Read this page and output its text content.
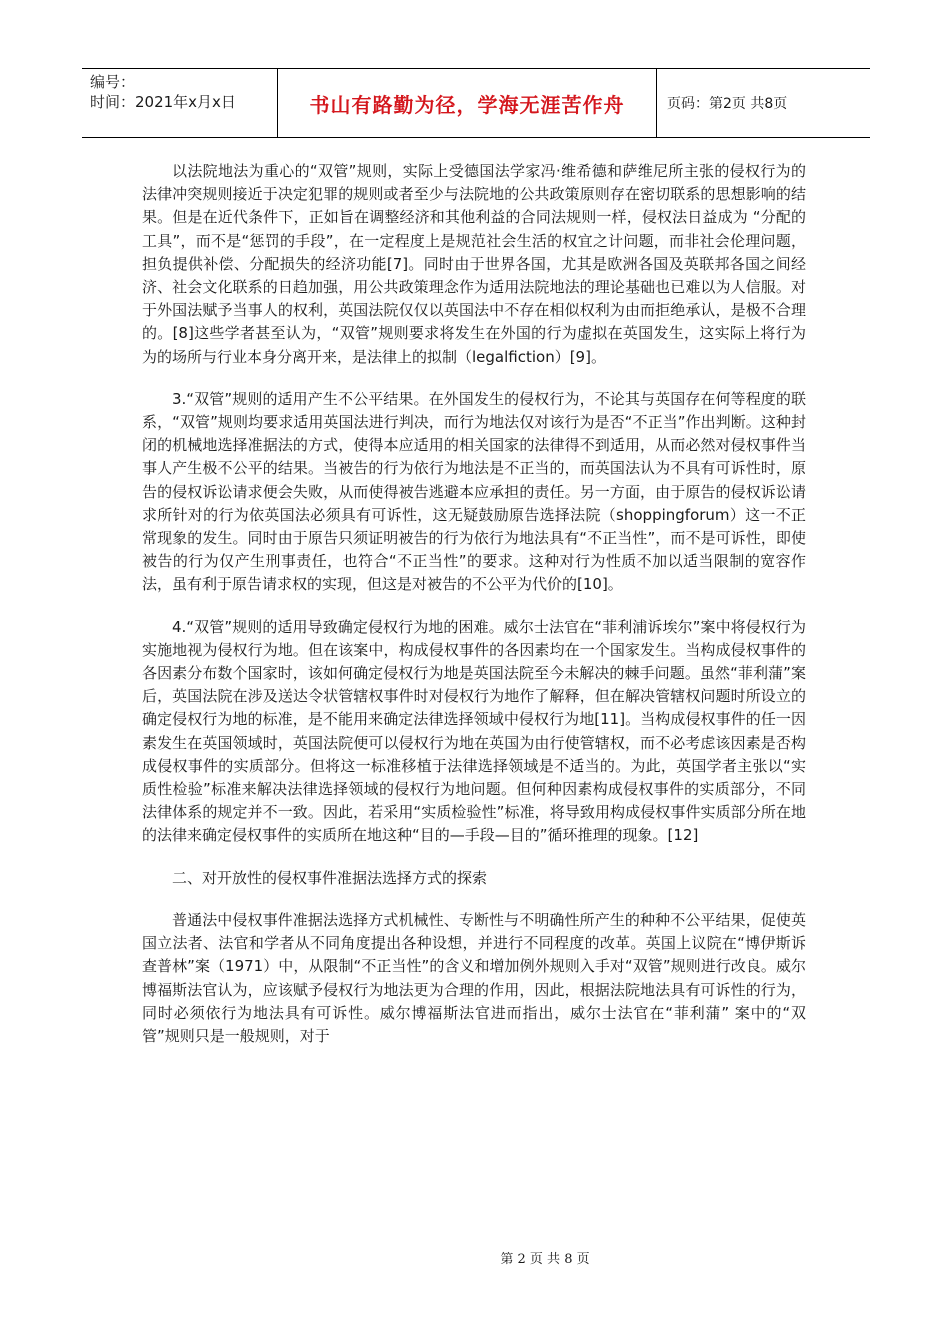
编号：
时间：2021年x月x日	书山有路勤为径，学海无涯苦作舟	页码：第2页 共8页

以法院地法为重心的“双管”规则，实际上受德国法学家冯·维希德和萨维尼所主张的侵权行为的法律冲突规则接近于决定犯罪的规则或者至少与法院地的公共政策原则存在密切联系的思想影响的结果。但是在近代条件下，正如旨在调整经济和其他利益的合同法规则一样，侵权法日益成为 “分配的工具”，而不是“惩罚的手段”，在一定程度上是规范社会生活的权宜之计问题，而非社会伦理问题，担负提供补偿、分配损失的经济功能[7]。同时由于世界各国，尤其是欧洲各国及英联邦各国之间经济、社会文化联系的日趋加强，用公共政策理念作为适用法院地法的理论基础也已难以为人信服。对于外国法赋予当事人的权利，英国法院仅仅以英国法中不存在相似权利为由而拒绝承认，是极不合理的。[8]这些学者甚至认为，“双管”规则要求将发生在外国的行为虚拟在英国发生，这实际上将行为为的场所与行业本身分离开来，是法律上的拟制（legalfiction）[9]。

3.“双管”规则的适用产生不公平结果。在外国发生的侵权行为，不论其与英国存在何等程度的联系，“双管”规则均要求适用英国法进行判决，而行为地法仅对该行为是否“不正当”作出判断。这种封闭的机械地选择准据法的方式，使得本应适用的相关国家的法律得不到适用，从而必然对侵权事件当事人产生极不公平的结果。当被告的行为依行为地法是不正当的，而英国法认为不具有可诉性时，原告的侵权诉讼请求便会失败，从而使得被告逃避本应承担的责任。另一方面，由于原告的侵权诉讼请求所针对的行为依英国法必须具有可诉性，这无疑鼓励原告选择法院（shoppingforum）这一不正常现象的发生。同时由于原告只须证明被告的行为依行为地法具有“不正当性”，而不是可诉性，即使被告的行为仅产生刑事责任，也符合“不正当性”的要求。这种对行为性质不加以适当限制的宽容作法，虽有利于原告请求权的实现，但这是对被告的不公平为代价的[10]。

4.“双管”规则的适用导致确定侵权行为地的困难。威尔士法官在“菲利浦诉埃尔”案中将侵权行为实施地视为侵权行为地。但在该案中，构成侵权事件的各因素均在一个国家发生。当构成侵权事件的各因素分布数个国家时，该如何确定侵权行为地是英国法院至今未解决的棘手问题。虽然“菲利蒲”案后，英国法院在涉及送达令状管辖权事件时对侵权行为地作了解释，但在解决管辖权问题时所设立的确定侵权行为地的标准，是不能用来确定法律选择领域中侵权行为地[11]。当构成侵权事件的任一因素发生在英国领域时，英国法院便可以侵权行为地在英国为由行使管辖权，而不必考虑该因素是否构成侵权事件的实质部分。但将这一标准移植于法律选择领域是不适当的。为此，英国学者主张以“实质性检验”标准来解决法律选择领域的侵权行为地问题。但何种因素构成侵权事件的实质部分，不同法律体系的规定并不一致。因此，若采用“实质检验性”标准，将导致用构成侵权事件实质部分所在地的法律来确定侵权事件的实质所在地这种“目的—手段—目的”循环推理的现象。[12]

二、对开放性的侵权事件准据法选择方式的探索

普通法中侵权事件准据法选择方式机械性、专断性与不明确性所产生的种种不公平结果，促使英国立法者、法官和学者从不同角度提出各种设想，并进行不同程度的改革。英国上议院在“博伊斯诉查普林”案（1971）中，从限制“不正当性”的含义和增加例外规则入手对“双管”规则进行改良。威尔博福斯法官认为，应该赋予侵权行为地法更为合理的作用，因此，根据法院地法具有可诉性的行为，同时必须依行为地法具有可诉性。威尔博福斯法官进而指出，威尔士法官在“菲利蒲” 案中的“双管”规则只是一般规则，对于

第 2 页 共 8 页
